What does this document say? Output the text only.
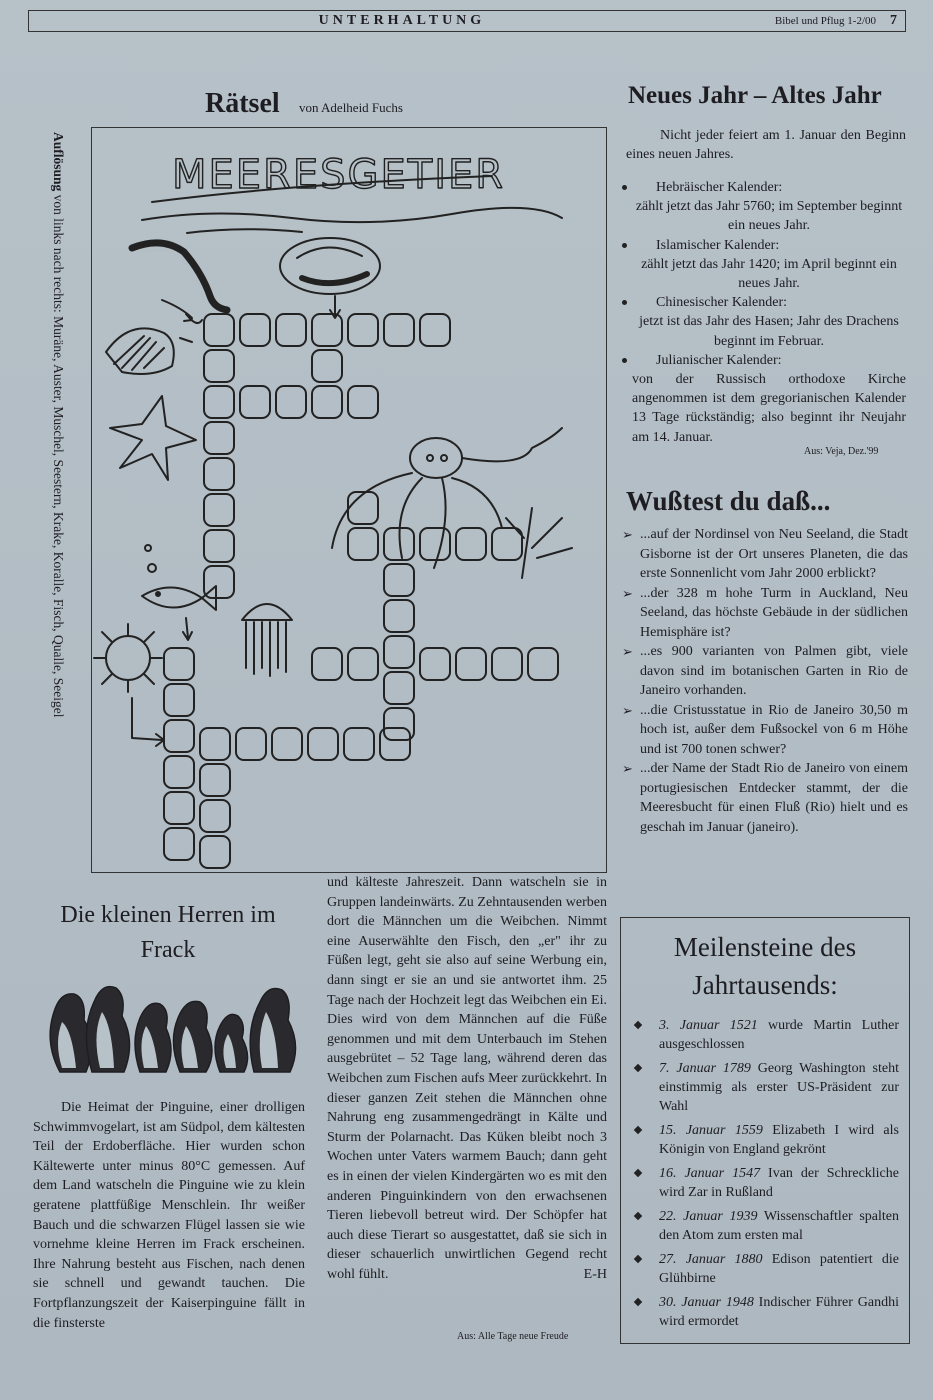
UNTERHALTUNG	Bibel und Pflug 1-2/00 7
Rätsel von Adelheid Fuchs
Auflösung von links nach rechts: Muräne, Auster, Muschel, Seestern, Krake, Koralle, Fisch, Qualle, Seeigel
MEERESGETIER
Neues Jahr – Altes Jahr
Nicht jeder feiert am 1. Januar den Beginn eines neuen Jahres.
Hebräischer Kalender:
zählt jetzt das Jahr 5760; im September beginnt ein neues Jahr.
Islamischer Kalender:
zählt jetzt das Jahr 1420; im April beginnt ein neues Jahr.
Chinesischer Kalender:
jetzt ist das Jahr des Hasen; Jahr des Drachens beginnt im Februar.
Julianischer Kalender:
von der Russisch orthodoxe Kirche angenommen ist dem gregorianischen Kalender 13 Tage rückständig; also beginnt ihr Neujahr am 14. Januar.
Aus: Veja, Dez.'99
Wußtest du daß...
➢ ...auf der Nordinsel von Neu Seeland, die Stadt Gisborne ist der Ort unseres Planeten, die das erste Sonnenlicht vom Jahr 2000 erblickt?
➢ ...der 328 m hohe Turm in Auckland, Neu Seeland, das höchste Gebäude in der südlichen Hemisphäre ist?
➢ ...es 900 varianten von Palmen gibt, viele davon sind im botanischen Garten in Rio de Janeiro vorhanden.
➢ ...die Cristusstatue in Rio de Janeiro 30,50 m hoch ist, außer dem Fußsockel von 6 m Höhe und ist 700 tonen schwer?
➢ ...der Name der Stadt Rio de Janeiro von einem portugiesischen Entdecker stammt, der die Meeresbucht für einen Fluß (Rio) hielt und es geschah im Januar (janeiro).
Meilensteine des
Jahrtausends:
3. Januar 1521 wurde Martin Luther ausgeschlossen
7. Januar 1789 Georg Washington steht einstimmig als erster US-Präsident zur Wahl
15. Januar 1559 Elizabeth I wird als Königin von England gekrönt
16. Januar 1547 Ivan der Schreckliche wird Zar in Rußland
22. Januar 1939 Wissenschaftler spalten den Atom zum ersten mal
27. Januar 1880 Edison patentiert die Glühbirne
30. Januar 1948 Indischer Führer Gandhi wird ermordet
Die kleinen Herren im Frack
Die Heimat der Pinguine, einer drolligen Schwimmvogelart, ist am Südpol, dem kältesten Teil der Erdoberfläche. Hier wurden schon Kältewerte unter minus 80°C gemessen. Auf dem Land watscheln die Pinguine wie zu klein geratene plattfüßige Menschlein. Ihr weißer Bauch und die schwarzen Flügel lassen sie wie vornehme kleine Herren im Frack erscheinen. Ihre Nahrung besteht aus Fischen, nach denen sie schnell und gewandt tauchen. Die Fortpflanzungszeit der Kaiserpinguine fällt in die finsterste
und kälteste Jahreszeit. Dann watscheln sie in Gruppen landeinwärts. Zu Zehntausenden werben dort die Männchen um die Weibchen. Nimmt eine Auserwählte den Fisch, den „er" ihr zu Füßen legt, geht sie also auf seine Werbung ein, dann singt er sie an und sie antwortet ihm. 25 Tage nach der Hochzeit legt das Weibchen ein Ei. Dies wird von dem Männchen auf die Füße genommen und mit dem Unterbauch im Stehen ausgebrütet – 52 Tage lang, während deren das Weibchen zum Fischen aufs Meer zurückkehrt. In dieser ganzen Zeit stehen die Männchen ohne Nahrung eng zusammengedrängt in Kälte und Sturm der Polarnacht. Das Küken bleibt noch 3 Wochen unter Vaters warmem Bauch; dann geht es in einen der vielen Kindergärten wo es mit den anderen Pinguinkindern von den erwachsenen Tieren liebevoll betreut wird. Der Schöpfer hat auch diese Tierart so ausgestattet, daß sie sich in dieser schauerlich unwirtlichen Gegend recht wohl fühlt.	E-H
Aus: Alle Tage neue Freude
